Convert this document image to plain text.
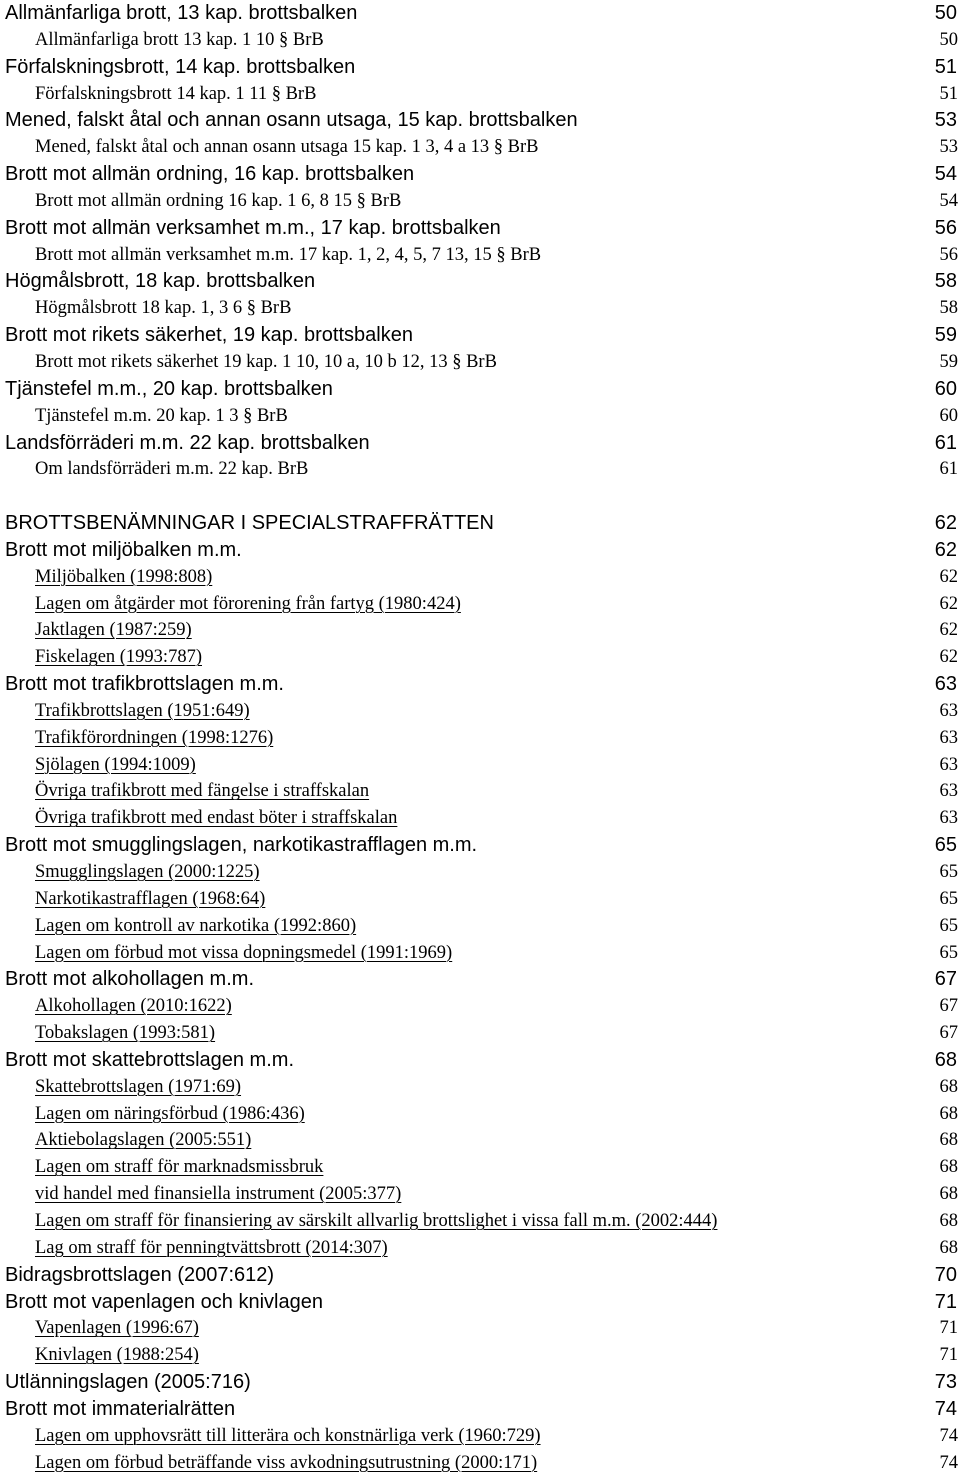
Allmänfarliga brott, 13 kap. brottsbalken	50
Allmänfarliga brott 13 kap. 1 10 § BrB	50
Förfalskningsbrott, 14 kap. brottsbalken	51
Förfalskningsbrott 14 kap. 1 11 § BrB	51
Mened, falskt åtal och annan osann utsaga, 15 kap. brottsbalken	53
Mened, falskt åtal och annan osann utsaga 15 kap. 1 3, 4 a 13 § BrB	53
Brott mot allmän ordning, 16 kap. brottsbalken	54
Brott mot allmän ordning 16 kap. 1 6, 8 15 § BrB	54
Brott mot allmän verksamhet m.m., 17 kap. brottsbalken	56
Brott mot allmän verksamhet m.m. 17 kap. 1, 2, 4, 5, 7 13, 15 § BrB	56
Högmålsbrott, 18 kap. brottsbalken	58
Högmålsbrott 18 kap. 1, 3 6 § BrB	58
Brott mot rikets säkerhet, 19 kap. brottsbalken	59
Brott mot rikets säkerhet 19 kap. 1 10, 10 a, 10 b 12, 13 § BrB	59
Tjänstefel m.m., 20 kap. brottsbalken	60
Tjänstefel m.m. 20 kap. 1 3 § BrB	60
Landsförräderi m.m. 22 kap. brottsbalken	61
Om landsförräderi m.m. 22 kap. BrB	61
BROTTSBENÄMNINGAR I SPECIALSTRAFFRÄTTEN	62
Brott mot miljöbalken m.m.	62
Miljöbalken (1998:808)	62
Lagen om åtgärder mot förorening från fartyg (1980:424)	62
Jaktlagen (1987:259)	62
Fiskelagen (1993:787)	62
Brott mot trafikbrottslagen m.m.	63
Trafikbrottslagen (1951:649)	63
Trafikförordningen (1998:1276)	63
Sjölagen (1994:1009)	63
Övriga trafikbrott med fängelse i straffskalan	63
Övriga trafikbrott med endast böter i straffskalan	63
Brott mot smugglingslagen, narkotikastrafflagen m.m.	65
Smugglingslagen (2000:1225)	65
Narkotikastrafflagen (1968:64)	65
Lagen om kontroll av narkotika (1992:860)	65
Lagen om förbud mot vissa dopningsmedel (1991:1969)	65
Brott mot alkohollagen m.m.	67
Alkohollagen (2010:1622)	67
Tobakslagen (1993:581)	67
Brott mot skattebrottslagen m.m.	68
Skattebrottslagen (1971:69)	68
Lagen om näringsförbud (1986:436)	68
Aktiebolagslagen (2005:551)	68
Lagen om straff för marknadsmissbruk	68
vid handel med finansiella instrument (2005:377)	68
Lagen om straff för finansiering av särskilt allvarlig brottslighet i vissa fall m.m. (2002:444)	68
Lag om straff för penningtvättsbrott (2014:307)	68
Bidragsbrottslagen (2007:612)	70
Brott mot vapenlagen och knivlagen	71
Vapenlagen (1996:67)	71
Knivlagen (1988:254)	71
Utlänningslagen (2005:716)	73
Brott mot immaterialrätten	74
Lagen om upphovsrätt till litterära och konstnärliga verk (1960:729)	74
Lagen om förbud beträffande viss avkodningsutrustning (2000:171)	74
